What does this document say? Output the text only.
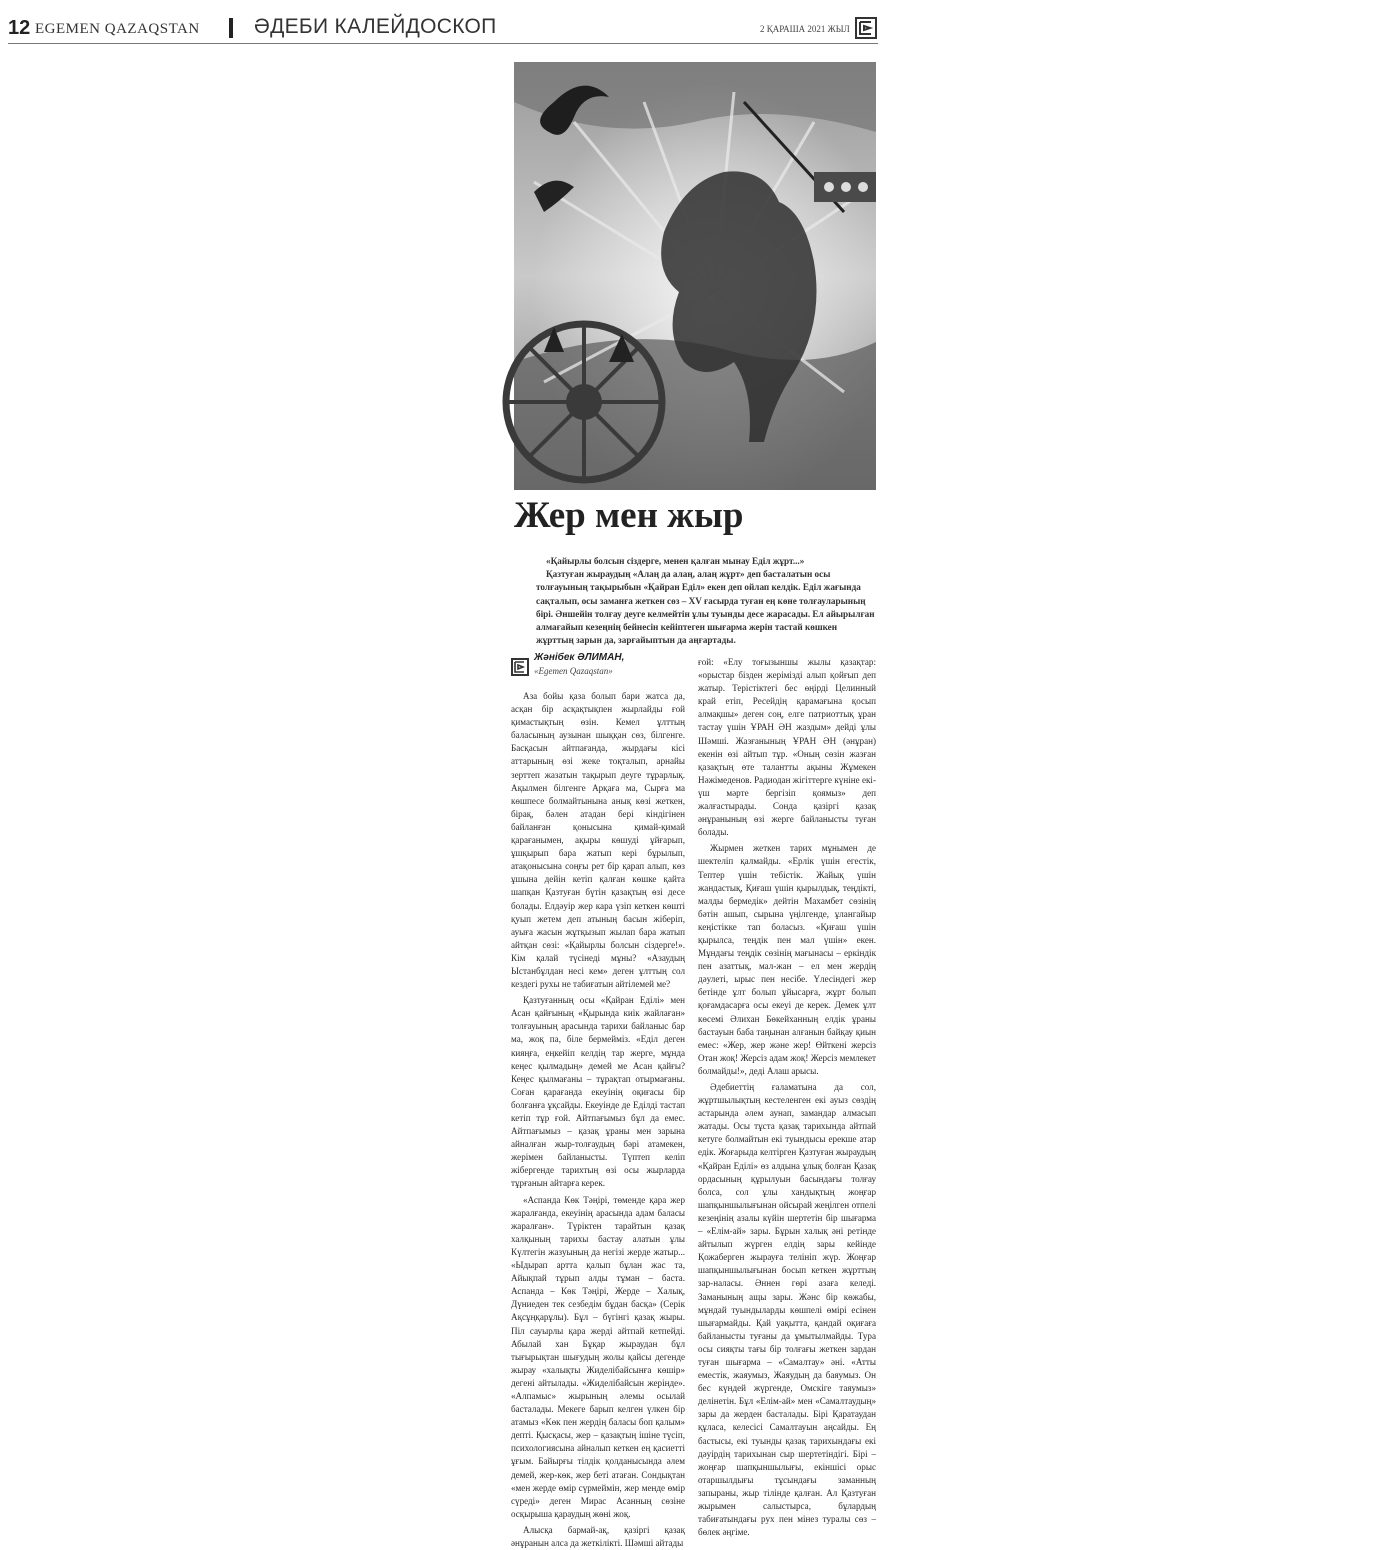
12 EGEMEN QAZAQSTAN	ӘДЕБИ КАЛЕЙДОСКОП	2 ҚАРАША 2021 ЖЫЛ
Коллажды жасаған Амангелді ҚИЯС, «EQ»
Жер мен жыр

«Қайырлы болсын сіздерге, менен қалған мынау Еділ жұрт...»

Қазтуған жыраудың «Алаң да алаң, алаң жұрт» деп басталатын осы толғауының тақырыбын «Қайран Еділ» екен деп ойлап келдік. Еділ жағында сақталып, осы заманға жеткен сөз – ХV ғасырда туған ең көне толғауларының бірі. Әншейін толғау деуге келмейтін ұлы туынды десе жарасады. Ел айырылған алмағайып кезеңнің бейнесін кейіптеген шығарма жерін тастай көшкен жұрттың зарын да, зарғайыптын да аңғартады.

Жәнібек ӘЛИМАН,
«Egemen Qazaqstan»

Аза бойы қаза болып бари жатса да, асқан бір асқақтықпен жырлайды ғой қимастықтың өзін. Кемел ұлттың баласының аузынан шыққан сөз, білгенге. Басқасын айтпағанда, жырдағы кісі аттарының өзі жеке тоқталып, арнайы зерттеп жазатын тақырып деуге тұрарлық. Ақылмен білгенге Арқаға ма, Сырға ма көшпесе болмайтынына анық көзі жеткен, бірақ, бәлен атадан бері кіндігінен байланған қонысына қимай-қимай қарағанымен, ақыры көшуді ұйғарып, ұшқырып бара жатып кері бұрылып, атақонысына соңғы рет бір қарап алып, көз ұшына дейін кетіп қалған көшке қайта шапқан Қазтуған бүтін қазақтың өзі десе болады. Елдәуір жер кара үзіп кеткен көшті қуып жетем деп атының басын жіберіп, ауыға жасын жұтқызып жылап бара жатып айтқан сөзі: «Қайырлы болсын сіздерге!». Кім қалай түсінеді мұны? «Азаудың Ыстанбұлдан несі кем» деген ұлттың сол кездегі рухы не табиғатын айтілемей ме?

Қазтуғанның осы «Қайран Еділі» мен Асан қайғының «Қырында киік жайлаған» толғауының арасында тарихи байланыс бар ма, жоқ па, біле бермейміз. «Еділ деген кияңға, еңкейіп келдің тар жерге, мұнда кеңес қылмадың» демей ме Асан қайғы? Кеңес қылмағаны – тұрақтап отырмағаны. Соған қарағанда екеуінің оқиғасы бір болғанға ұқсайды. Екеуінде де Еділді тастап кетіп тұр ғой. Айтпағымыз бұл да емес. Айтпағымыз – қазақ ұраны мен зарына айналған жыр-толғаудың бәрі атамекен, жерімен байланысты. Түптеп келіп жібергенде тарихтың өзі осы жырларда тұрғанын айтарға керек.

«Аспанда Көк Тәңірі, төменде қара жер жаралғанда, екеуінің арасында адам баласы жаралған». Түріктен тарайтын қазақ халқының тарихы бастау алатын ұлы Күлтегін жазуының да негізі жерде жатыр... «Ыдырап артта қалып бұлан жас та, Айықпай тұрып алды тұман – баста. Аспанда – Көк Тәңірі, Жерде – Халық, Дүниеден тек сезбедім бұдан басқа» (Серік Ақсұңқарұлы). Бұл – бүгінгі қазақ жыры. Піл сауырлы қара жерді айтпай кетпейді. Абылай хан Бұқар жыраудан бұл тығырықтан шығудың жолы қайсы дегенде жырау «халықты Жиделібайсынға көшір» дегені айтылады. «Жиделібайсын жерінде». «Алпамыс» жырының әлемы осылай басталады. Мекеге барып келген үлкен бір атамыз «Көк пен жердің баласы боп қалым» депті. Қысқасы, жер – қазақтың ішіне түсіп, психологиясына айналып кеткен ең қасиетті ұғым. Байырғы тілдік қолданысында әлем демей, жер-көк, жер беті атаған. Сондықтан «мен жерде өмір сүрмеймін, жер менде өмір сүреді» деген Мирас Асанның сөзіне осқырыша қараудың жөні жоқ.

Алысқа бармай-ақ, қазіргі қазақ әнұранын алса да жеткілікті. Шәмші айтады

ғой: «Елу тоғызыншы жылы қазақтар: «орыстар бізден жерімізді алып қойғып деп жатыр. Терістіктегі бес өңірді Целинный край етіп, Ресейдің қарамағына қосып алмақшы» деген соң, елге патриоттық ұран тастау үшін ҰРАН ӘН жаздым» дейді ұлы Шәмші. Жазғанының ҰРАН ӘН (әнұран) екенін өзі айтып тұр. «Оның сөзін жазған қазақтың өте талантты ақыны Жұмекен Нәжімеденов. Радиодан жігіттерге күніне екі-үш мәрте бергізіп қоямыз» деп жалғастырады. Сонда қазіргі қазақ әнұранының өзі жерге байланысты туған болады.

Жырмен жеткен тарих мұнымен де шектеліп қалмайды. «Ерлік үшін егестік, Тептер үшін тебістік. Жайық үшін жандастық, Қиғаш үшін қырылдық, теңдікті, малды бермедік» дейтін Махамбет сөзінің бәтін ашып, сырына үңілгенде, ұлангайыр кеңістікке тап боласыз. «Қиғаш үшін қырылса, теңдік пен мал үшін» екен. Мұндағы теңдік сөзінің мағынасы – еркіндік пен азаттық, мал-жан – ел мен жердің дәулеті, ырыс пен несібе. Үлесіндегі жер бетінде ұлт болып ұйысарға, жұрт болып қоғамдасарға осы екеуі де керек. Демек ұлт көсемі Әлихан Бөкейханның елдік ұраны бастауын баба таңынан алғанын байқау қиын емес: «Жер, жер және жер! Өйткені жерсіз Отан жоқ! Жерсіз адам жоқ! Жерсіз мемлекет болмайды!», деді Алаш арысы.

Әдебиеттің ғаламатына да сол, жұртшылықтың кестеленген екі ауыз сөздің астарында әлем аунап, замандар алмасып жатады. Осы тұста қазақ тарихында айтпай кетуге болмайтын екі туындысы ерекше атар едік. Жоғарыда келтірген Қазтуған жыраудың «Қайран Еділі» өз алдына ұлық болған Қазақ ордасының құрылуын басындағы толғау болса, сол ұлы хандықтың жоңғар шапқыншылығынан ойсырай жеңілген отпелі кезеңінің азалы күйін шертетін бір шығарма – «Елім-ай» зары. Бұрын халық әні ретінде айтылып жүрген елдің зары кейінде Қожаберген жырауға телініп жүр. Жоңғар шапқыншылығынан босып кеткен жұрттың зар-наласы. Әннен гөрі азаға келеді. Заманының ащы зары. Жәнс бір көжабы, мұндай туындыларды көшпелі өмірі есінен шығармайды. Қай уақытта, қандай оқиғаға байланысты туғаны да ұмытылмайды. Тура осы сияқты тағы бір толғағы жеткен зардан туған шығарма – «Самалтау» әні. «Атты еместік, жаяумыз, Жаяудың да баяумыз. Он бес күндей жүргенде, Омскіге таяумыз» делінетін. Бұл «Елім-ай» мен «Самалтаудың» зары да жерден басталады. Бірі Қаратаудан құласа, келесісі Самалтауын аңсайды. Ең бастысы, екі туынды қазақ тарихындағы екі дәуірдің тарихынан сыр шертетіндігі. Бірі – жоңғар шапқыншылығы, екіншісі орыс отаршылдығы тұсындағы заманның запыраны, жыр тілінде қалған. Ал Қазтуған жырымен салыстырса, бұлардың табиғатындағы рух пен мінез туралы сөз – бөлек әңгіме.
